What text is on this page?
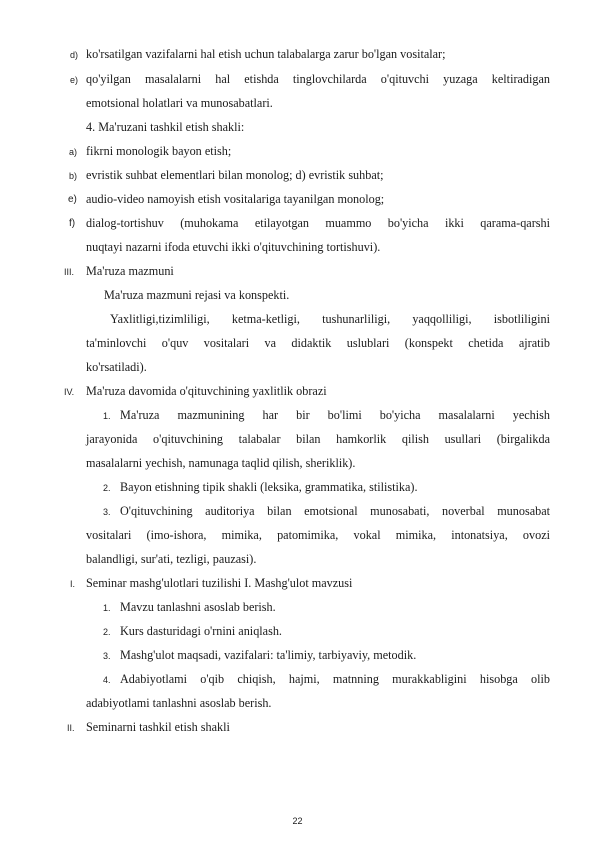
d) ko'rsatilgan vazifalarni hal etish uchun talabalarga zarur bo'lgan vositalar;
e) qo'yilgan masalalarni hal etishda tinglovchilarda o'qituvchi yuzaga keltiradigan
emotsional holatlari va munosabatlari.
4. Ma'ruzani tashkil etish shakli:
a) fikrni monologik bayon etish;
b) evristik suhbat elementlari bilan monolog; d) evristik suhbat;
e) audio-video namoyish etish vositalariga tayanilgan monolog;
f) dialog-tortishuv (muhokama etilayotgan muammo bo'yicha ikki qarama-qarshi
nuqtayi nazarni ifoda etuvchi ikki o'qituvchining tortishuvi).
III. Ma'ruza mazmuni
Ma'ruza mazmuni rejasi va konspekti.
Yaxlitligi,tizimliligi, ketma-ketligi, tushunarliligi, yaqqolliligi, isbotliligini
ta'minlovchi o'quv vositalari va didaktik uslublari (konspekt chetida ajratib
ko'rsatiladi).
IV. Ma'ruza davomida o'qituvchining yaxlitlik obrazi
1. Ma'ruza mazmunining har bir bo'limi bo'yicha masalalarni yechish
jarayonida o'qituvchining talabalar bilan hamkorlik qilish usullari (birgalikda
masalalarni yechish, namunaga taqlid qilish, sheriklik).
2. Bayon etishning tipik shakli (leksika, grammatika, stilistika).
3. O'qituvchining auditoriya bilan emotsional munosabati, noverbal munosabat
vositalari (imo-ishora, mimika, patomimika, vokal mimika, intonatsiya, ovozi
balandligi, sur'ati, tezligi, pauzasi).
I. Seminar mashg'ulotlari tuzilishi I. Mashg'ulot mavzusi
1. Mavzu tanlashni asoslab berish.
2. Kurs dasturidagi o'rnini aniqlash.
3. Mashg'ulot maqsadi, vazifalari: ta'limiy, tarbiyaviy, metodik.
4. Adabiyotlami o'qib chiqish, hajmi, matnning murakkabligini hisobga olib
adabiyotlami tanlashni asoslab berish.
II. Seminarni tashkil etish shakli
22
